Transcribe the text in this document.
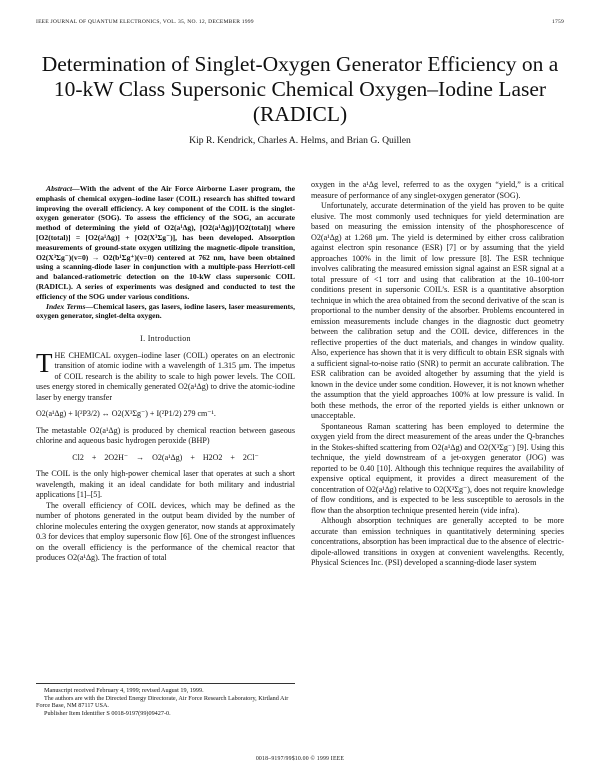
IEEE JOURNAL OF QUANTUM ELECTRONICS, VOL. 35, NO. 12, DECEMBER 1999	1759
Determination of Singlet-Oxygen Generator Efficiency on a 10-kW Class Supersonic Chemical Oxygen–Iodine Laser (RADICL)
Kip R. Kendrick, Charles A. Helms, and Brian G. Quillen

Abstract—With the advent of the Air Force Airborne Laser program, the emphasis of chemical oxygen–iodine laser (COIL) research has shifted toward improving the overall efficiency. A key component of the COIL is the singlet-oxygen generator (SOG). To assess the efficiency of the SOG, an accurate method of determining the yield of O2(a¹Δg), [O2(a¹Δg)]/[O2(total)] where [O2(total)] = [O2(a¹Δg)] + [O2(X³Σg⁻)], has been developed. Absorption measurements of ground-state oxygen utilizing the magnetic-dipole transition, O2(X³Σg⁻)(v=0) → O2(b¹Σg⁺)(v=0) centered at 762 nm, have been obtained using a scanning-diode laser in conjunction with a multiple-pass Herriott-cell and balanced-ratiometric detection on the 10-kW class supersonic COIL (RADICL). A series of experiments was designed and conducted to test the efficiency of the SOG under various conditions.

Index Terms—Chemical lasers, gas lasers, iodine lasers, laser measurements, oxygen generator, singlet-delta oxygen.

I. Introduction

THE CHEMICAL oxygen–iodine laser (COIL) operates on an electronic transition of atomic iodine with a wavelength of 1.315 μm. The impetus of COIL research is the ability to scale to high power levels. The COIL uses energy stored in chemically generated O2(a¹Δg) to drive the atomic-iodine laser by energy transfer

O2(a¹Δg) + I(²P3/2) ↔ O2(X³Σg⁻) + I(²P1/2) 279 cm⁻¹.

The metastable O2(a¹Δg) is produced by chemical reaction between gaseous chlorine and aqueous basic hydrogen peroxide (BHP)

Cl2 + 2O2H⁻ → O2(a¹Δg) + H2O2 + 2Cl⁻

The COIL is the only high-power chemical laser that operates at such a short wavelength, making it an ideal candidate for both military and industrial applications [1]–[5].

The overall efficiency of COIL devices, which may be defined as the number of photons generated in the output beam divided by the number of chlorine molecules entering the oxygen generator, now stands at approximately 0.3 for devices that employ supersonic flow [6]. One of the strongest influences on the overall efficiency is the performance of the chemical reactor that produces O2(a¹Δg). The fraction of total

Manuscript received February 4, 1999; revised August 19, 1999.
The authors are with the Directed Energy Directorate, Air Force Research Laboratory, Kirtland Air Force Base, NM 87117 USA.
Publisher Item Identifier S 0018-9197(99)09427-0.

oxygen in the a¹Δg level, referred to as the oxygen “yield,” is a critical measure of performance of any singlet-oxygen generator (SOG).

Unfortunately, accurate determination of the yield has proven to be quite elusive. The most commonly used techniques for yield determination are based on measuring the emission intensity of the phosphorescence of O2(a¹Δg) at 1.268 μm. The yield is determined by either cross calibration against electron spin resonance (ESR) [7] or by assuming that the yield approaches 100% in the limit of low pressure [8]. The ESR technique involves calibrating the measured emission signal against an ESR signal at a total pressure of <1 torr and using that calibration at the 10–100-torr conditions present in supersonic COIL’s. ESR is a quantitative absorption technique in which the area obtained from the second derivative of the scan is proportional to the number density of the absorber. Problems encountered in emission measurements include changes in the diagnostic duct geometry between the calibration setup and the COIL device, differences in the reflective properties of the duct materials, and changes in window quality. Also, experience has shown that it is very difficult to obtain ESR signals with a sufficient signal-to-noise ratio (SNR) to permit an accurate calibration. The ESR calibration can be avoided altogether by assuming that the yield is known in the device under some condition. However, it is not known whether the assumption that the yield approaches 100% at low pressure is valid. In both these methods, the error of the reported yields is either unknown or unacceptable.

Spontaneous Raman scattering has been employed to determine the oxygen yield from the direct measurement of the areas under the Q-branches in the Stokes-shifted scattering from O2(a¹Δg) and O2(X³Σg⁻) [9]. Using this technique, the yield downstream of a jet-oxygen generator (JOG) was reported to be 0.40 [10]. Although this technique requires the availability of expensive optical equipment, it provides a direct measurement of the concentration of O2(a¹Δg) relative to O2(X³Σg⁻), does not require knowledge of flow conditions, and is expected to be less susceptible to aerosols in the flow than the absorption technique presented herein (vide infra).

Although absorption techniques are generally accepted to be more accurate than emission techniques in quantitatively determining species concentrations, absorption has been impractical due to the absence of electric-dipole-allowed transitions in oxygen at convenient wavelengths. Recently, Physical Sciences Inc. (PSI) developed a scanning-diode laser system

0018–9197/99$10.00 © 1999 IEEE
